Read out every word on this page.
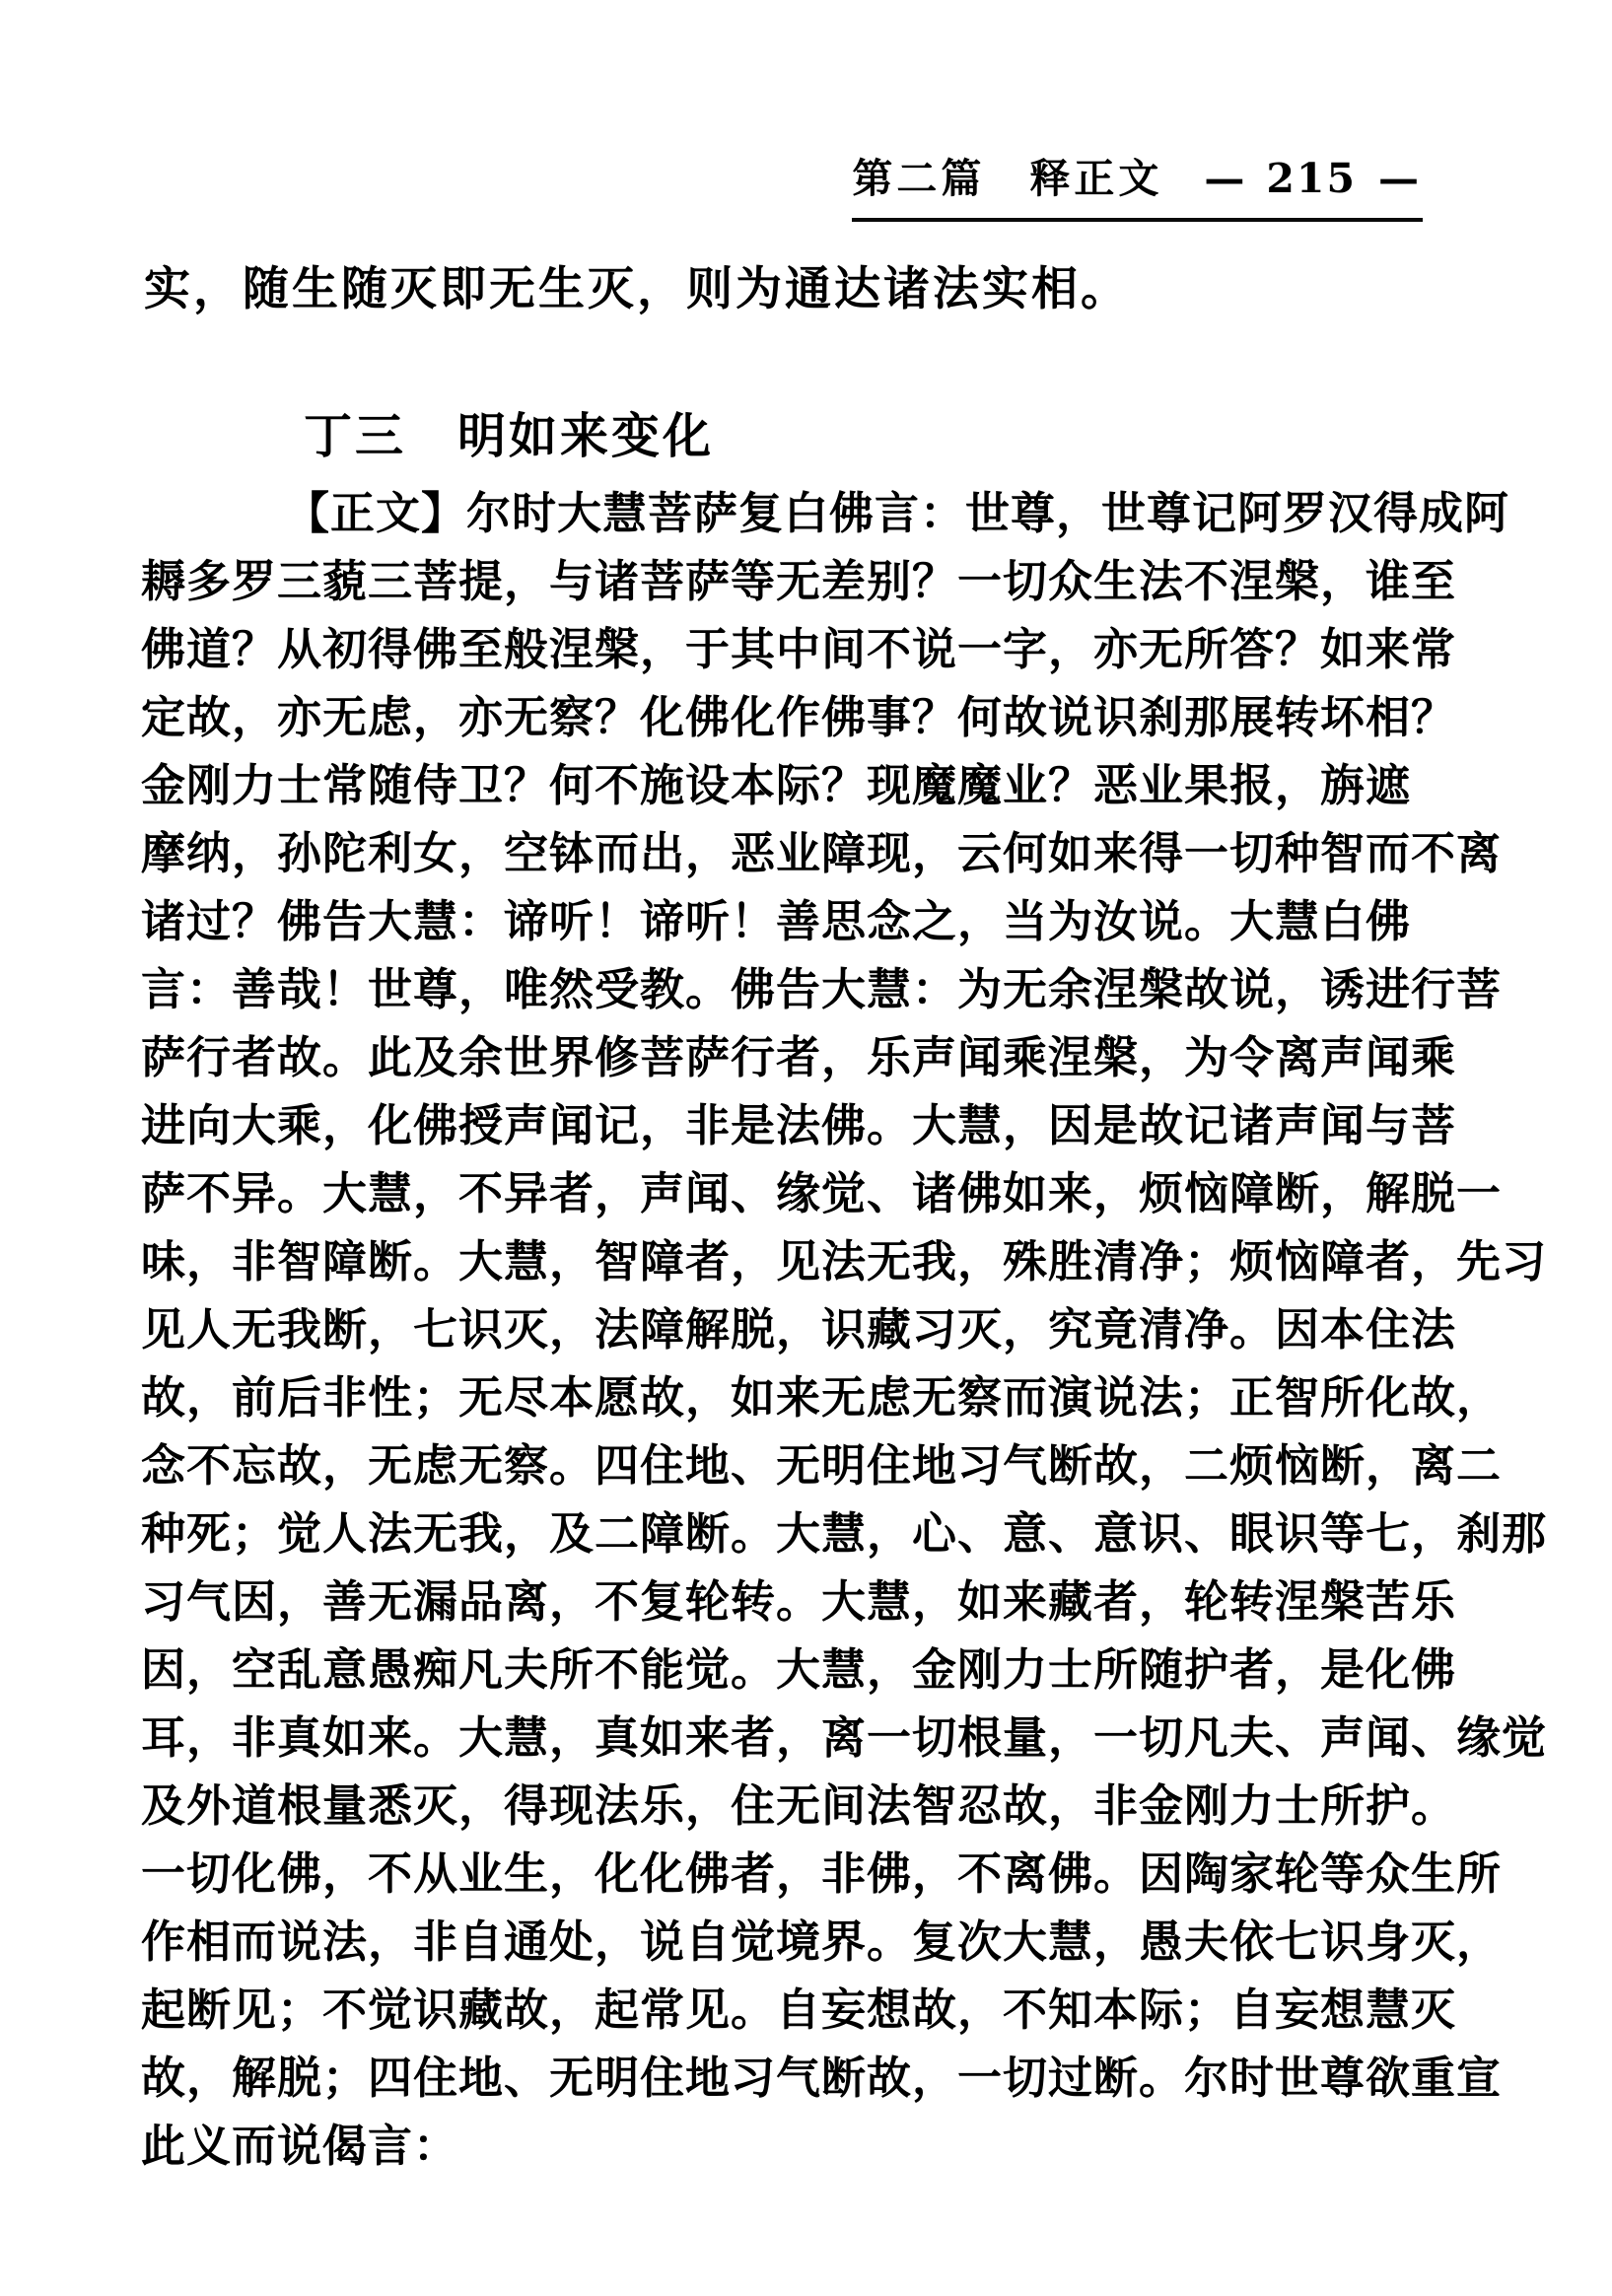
第二篇　释正文 — 215 —
实，随生随灭即无生灭，则为通达诸法实相。
丁三 明如来变化
【正文】尔时大慧菩萨复白佛言：世尊，世尊记阿罗汉得成阿
耨多罗三藐三菩提，与诸菩萨等无差别？一切众生法不涅槃，谁至
佛道？从初得佛至般涅槃，于其中间不说一字，亦无所答？如来常
定故，亦无虑，亦无察？化佛化作佛事？何故说识刹那展转坏相？
金刚力士常随侍卫？何不施设本际？现魔魔业？恶业果报，旃遮
摩纳，孙陀利女，空钵而出，恶业障现，云何如来得一切种智而不离
诸过？佛告大慧：谛听！谛听！善思念之，当为汝说。大慧白佛
言：善哉！世尊，唯然受教。佛告大慧：为无余涅槃故说，诱进行菩
萨行者故。此及余世界修菩萨行者，乐声闻乘涅槃，为令离声闻乘
进向大乘，化佛授声闻记，非是法佛。大慧，因是故记诸声闻与菩
萨不异。大慧，不异者，声闻、缘觉、诸佛如来，烦恼障断，解脱一
味，非智障断。大慧，智障者，见法无我，殊胜清净；烦恼障者，先习
见人无我断，七识灭，法障解脱，识藏习灭，究竟清净。因本住法
故，前后非性；无尽本愿故，如来无虑无察而演说法；正智所化故，
念不忘故，无虑无察。四住地、无明住地习气断故，二烦恼断，离二
种死；觉人法无我，及二障断。大慧，心、意、意识、眼识等七，刹那
习气因，善无漏品离，不复轮转。大慧，如来藏者，轮转涅槃苦乐
因，空乱意愚痴凡夫所不能觉。大慧，金刚力士所随护者，是化佛
耳，非真如来。大慧，真如来者，离一切根量，一切凡夫、声闻、缘觉
及外道根量悉灭，得现法乐，住无间法智忍故，非金刚力士所护。
一切化佛，不从业生，化化佛者，非佛，不离佛。因陶家轮等众生所
作相而说法，非自通处，说自觉境界。复次大慧，愚夫依七识身灭，
起断见；不觉识藏故，起常见。自妄想故，不知本际；自妄想慧灭
故，解脱；四住地、无明住地习气断故，一切过断。尔时世尊欲重宣
此义而说偈言：
